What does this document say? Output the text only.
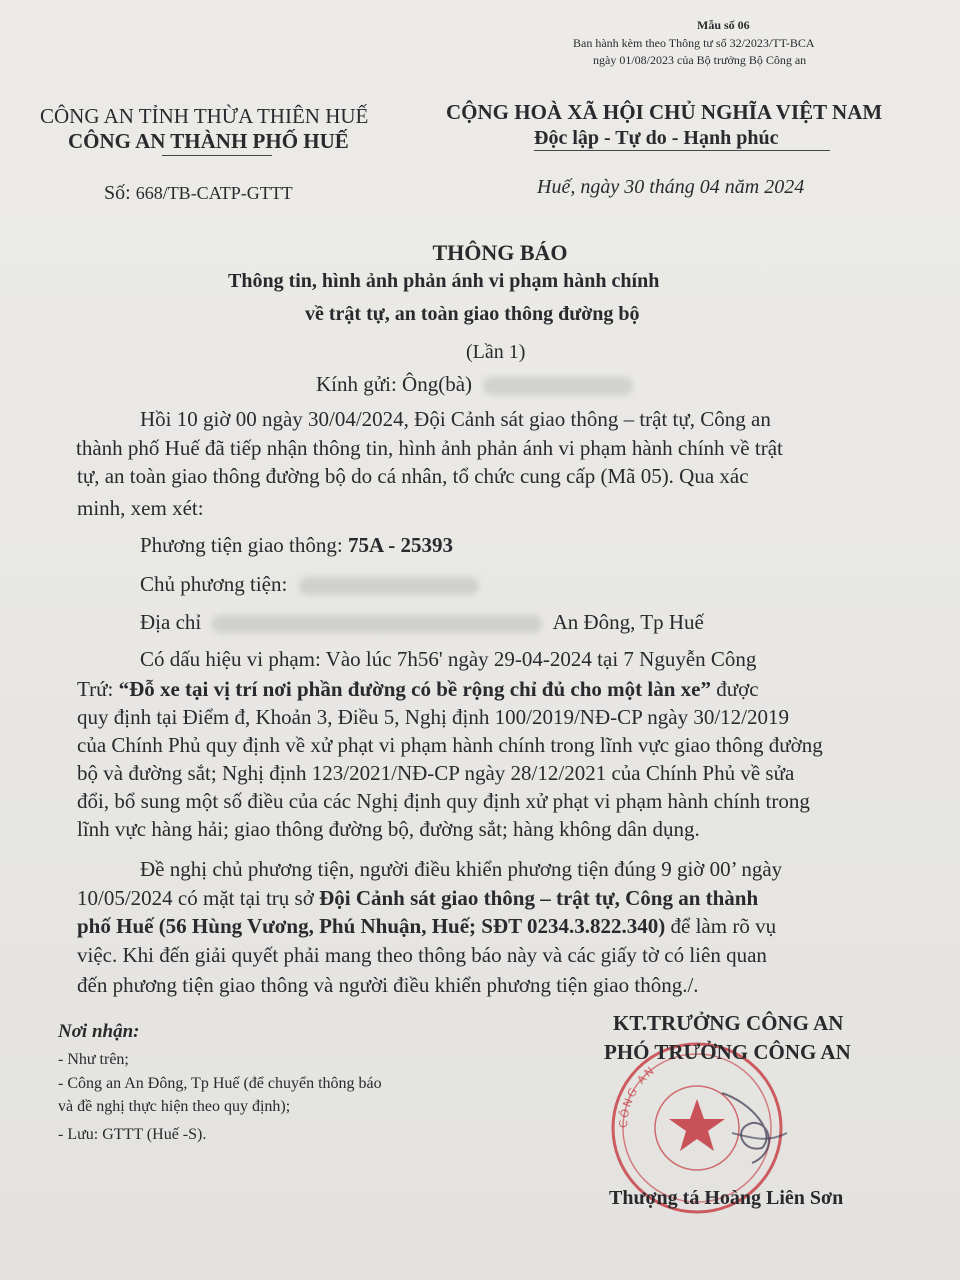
Mẫu số 06
Ban hành kèm theo Thông tư số 32/2023/TT-BCA
ngày 01/08/2023 của Bộ trưởng Bộ Công an
CÔNG AN TỈNH THỪA THIÊN HUẾ
CÔNG AN THÀNH PHỐ HUẾ
CỘNG HOÀ XÃ HỘI CHỦ NGHĨA VIỆT NAM
Độc lập - Tự do - Hạnh phúc
Số: 668/TB-CATP-GTTT	Huế, ngày 30 tháng 04 năm 2024
THÔNG BÁO
Thông tin, hình ảnh phản ánh vi phạm hành chính
về trật tự, an toàn giao thông đường bộ
(Lần 1)
Kính gửi: Ông(bà)
Hồi 10 giờ 00 ngày 30/04/2024, Đội Cảnh sát giao thông – trật tự, Công an
thành phố Huế đã tiếp nhận thông tin, hình ảnh phản ánh vi phạm hành chính về trật
tự, an toàn giao thông đường bộ do cá nhân, tổ chức cung cấp (Mã 05). Qua xác
minh, xem xét:
Phương tiện giao thông: 75A - 25393
Chủ phương tiện:
Địa chỉ	An Đông, Tp Huế
Có dấu hiệu vi phạm: Vào lúc 7h56' ngày 29-04-2024 tại 7 Nguyễn Công
Trứ: “Đỗ xe tại vị trí nơi phần đường có bề rộng chỉ đủ cho một làn xe” được
quy định tại Điểm đ, Khoản 3, Điều 5, Nghị định 100/2019/NĐ-CP ngày 30/12/2019
của Chính Phủ quy định về xử phạt vi phạm hành chính trong lĩnh vực giao thông đường
bộ và đường sắt; Nghị định 123/2021/NĐ-CP ngày 28/12/2021 của Chính Phủ về sửa
đổi, bổ sung một số điều của các Nghị định quy định xử phạt vi phạm hành chính trong
lĩnh vực hàng hải; giao thông đường bộ, đường sắt; hàng không dân dụng.
Đề nghị chủ phương tiện, người điều khiển phương tiện đúng 9 giờ 00’ ngày
10/05/2024 có mặt tại trụ sở Đội Cảnh sát giao thông – trật tự, Công an thành
phố Huế (56 Hùng Vương, Phú Nhuận, Huế; SĐT 0234.3.822.340) để làm rõ vụ
việc. Khi đến giải quyết phải mang theo thông báo này và các giấy tờ có liên quan
đến phương tiện giao thông và người điều khiển phương tiện giao thông./.
Nơi nhận:
- Như trên;
- Công an An Đông, Tp Huế (để chuyển thông báo
và đề nghị thực hiện theo quy định);
- Lưu: GTTT (Huế -S).
CÔNG AN
KT.TRƯỞNG CÔNG AN
PHÓ TRƯỞNG CÔNG AN
Thượng tá Hoàng Liên Sơn
